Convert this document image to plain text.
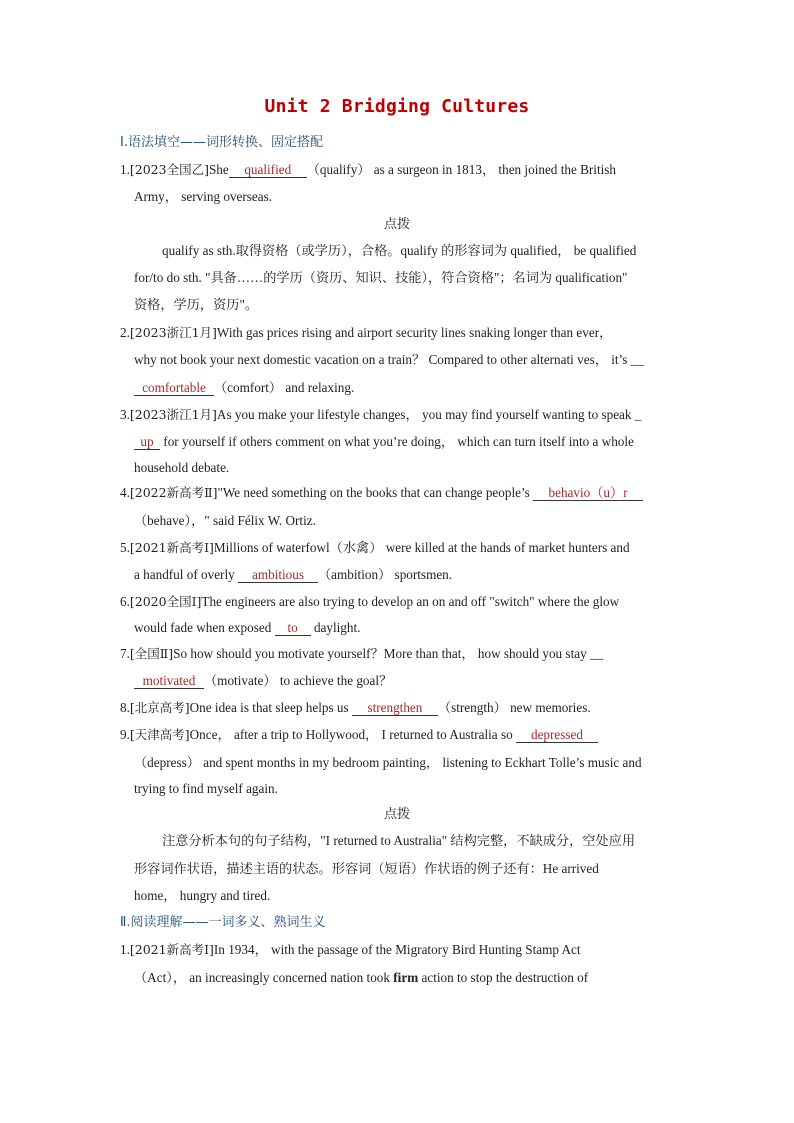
Unit 2 Bridging Cultures
Ⅰ.语法填空——词形转换、固定搭配
1.[2023全国乙]She qualified （qualify） as a surgeon in 1813， then joined the British
Army， serving overseas.
点拨
qualify as sth.取得资格（或学历），合格。qualify 的形容词为 qualified， be qualified
for/to do sth. "具备……的学历（资历、知识、技能），符合资格"；名词为 qualification"
资格，学历，资历"。
2.[2023浙江1月]With gas prices rising and airport security lines snaking longer than ever，
why not book your next domestic vacation on a train？ Compared to other alternati ves， it’s __
comfortable （comfort） and relaxing.
3.[2023浙江1月]As you make your lifestyle changes， you may find yourself wanting to speak _
up for yourself if others comment on what you’re doing， which can turn itself into a whole
household debate.
4.[2022新高考Ⅱ]"We need something on the books that can change people’s behavio（u）r
（behave），" said Félix W. Ortiz.
5.[2021新高考Ⅰ]Millions of waterfowl（水禽） were killed at the hands of market hunters and
a handful of overly ambitious （ambition） sportsmen.
6.[2020全国Ⅰ]The engineers are also trying to develop an on and off "switch" where the glow
would fade when exposed to daylight.
7.[全国Ⅱ]So how should you motivate yourself？More than that， how should you stay __
motivated （motivate） to achieve the goal？
8.[北京高考]One idea is that sleep helps us strengthen （strength） new memories.
9.[天津高考]Once， after a trip to Hollywood， I returned to Australia so depressed
（depress） and spent months in my bedroom painting， listening to Eckhart Tolle’s music and
trying to find myself again.
点拨
注意分析本句的句子结构，"I returned to Australia" 结构完整，不缺成分，空处应用
形容词作状语，描述主语的状态。形容词（短语）作状语的例子还有：He arrived
home， hungry and tired.
Ⅱ.阅读理解——一词多义、熟词生义
1.[2021新高考Ⅰ]In 1934， with the passage of the Migratory Bird Hunting Stamp Act
（Act）， an increasingly concerned nation took firm action to stop the destruction of
